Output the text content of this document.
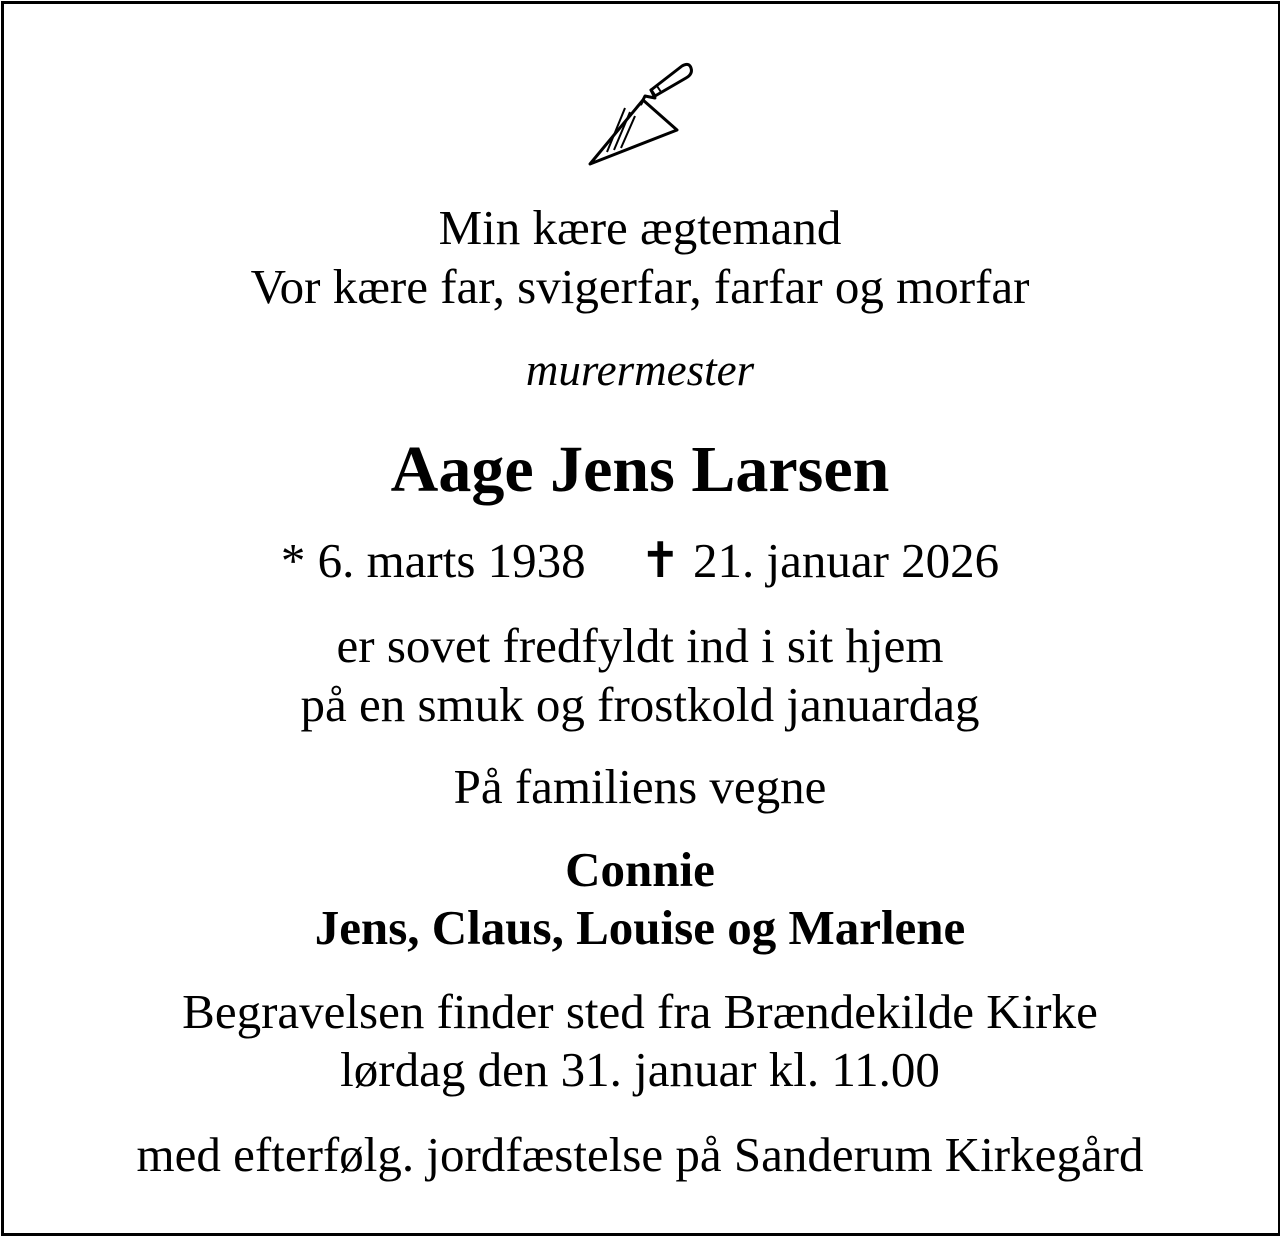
Min kære ægtemand
Vor kære far, svigerfar, farfar og morfar
murermester
Aage Jens Larsen
* 6. marts 1938 ✝ 21. januar 2026
er sovet fredfyldt ind i sit hjem
på en smuk og frostkold januardag
På familiens vegne
Connie
Jens, Claus, Louise og Marlene
Begravelsen finder sted fra Brændekilde Kirke
lørdag den 31. januar kl. 11.00
med efterfølg. jordfæstelse på Sanderum Kirkegård
